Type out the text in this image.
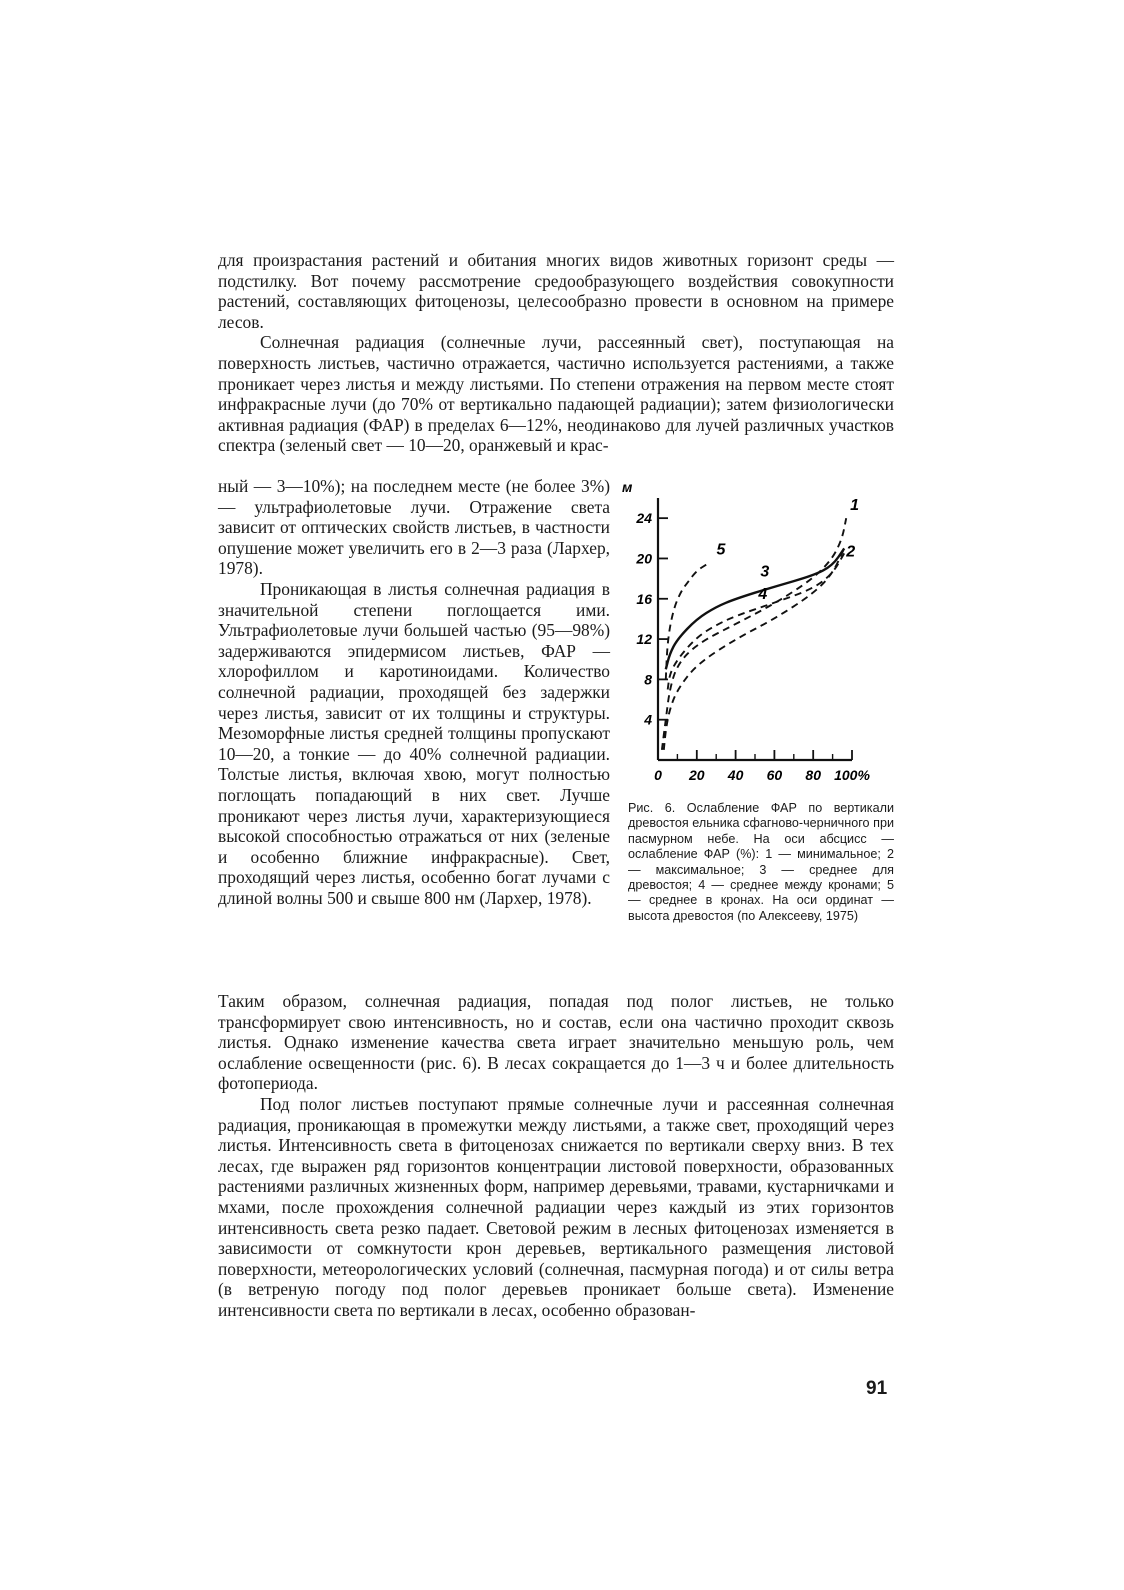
для произрастания растений и обитания многих видов животных горизонт среды — подстилку. Вот почему рассмотрение средообразующего воздействия совокупности растений, составляющих фитоценозы, целесообразно провести в основном на примере лесов.

Солнечная радиация (солнечные лучи, рассеянный свет), поступающая на поверхность листьев, частично отражается, частично используется растениями, а также проникает через листья и между листьями. По степени отражения на первом месте стоят инфракрасные лучи (до 70% от вертикально падающей радиации); затем физиологически активная радиация (ФАР) в пределах 6—12%, неодинаково для лучей различных участков спектра (зеленый свет — 10—20, оранжевый и крас-

ный — 3—10%); на последнем месте (не более 3%) — ультрафиолетовые лучи. Отражение света зависит от оптических свойств листьев, в частности опушение может увеличить его в 2—3 раза (Лархер, 1978).

Проникающая в листья солнечная радиация в значительной степени поглощается ими. Ультрафиолетовые лучи большей частью (95—98%) задерживаются эпидермисом листьев, ФАР — хлорофиллом и каротиноидами. Количество солнечной радиации, проходящей без задержки через листья, зависит от их толщины и структуры. Мезоморфные листья средней толщины пропускают 10—20, а тонкие — до 40% солнечной радиации. Толстые листья, включая хвою, могут полностью поглощать попадающий в них свет. Лучше проникают через листья лучи, характеризующиеся высокой способностью отражаться от них (зеленые и особенно ближние инфракрасные). Свет, проходящий через листья, особенно богат лучами с длиной волны 500 и свыше 800 нм (Лархер, 1978).

4
8
12
16
20
24
0 20 40 60 80 100%
м
1
2
3
4
5

Рис. 6. Ослабление ФАР по вертикали древостоя ельника сфагново-черничного при пасмурном небе. На оси абсцисс — ослабление ФАР (%): 1 — минимальное; 2 — максимальное; 3 — среднее для древостоя; 4 — среднее между кронами; 5 — среднее в кронах. На оси ординат — высота древостоя (по Алексееву, 1975)

Таким образом, солнечная радиация, попадая под полог листьев, не только трансформирует свою интенсивность, но и состав, если она частично проходит сквозь листья. Однако изменение качества света играет значительно меньшую роль, чем ослабление освещенности (рис. 6). В лесах сокращается до 1—3 ч и более длительность фотопериода.

Под полог листьев поступают прямые солнечные лучи и рассеянная солнечная радиация, проникающая в промежутки между листьями, а также свет, проходящий через листья. Интенсивность света в фитоценозах снижается по вертикали сверху вниз. В тех лесах, где выражен ряд горизонтов концентрации листовой поверхности, образованных растениями различных жизненных форм, например деревьями, травами, кустарничками и мхами, после прохождения солнечной радиации через каждый из этих горизонтов интенсивность света резко падает. Световой режим в лесных фитоценозах изменяется в зависимости от сомкнутости крон деревьев, вертикального размещения листовой поверхности, метеорологических условий (солнечная, пасмурная погода) и от силы ветра (в ветреную погоду под полог деревьев проникает больше света). Изменение интенсивности света по вертикали в лесах, особенно образован-

91
